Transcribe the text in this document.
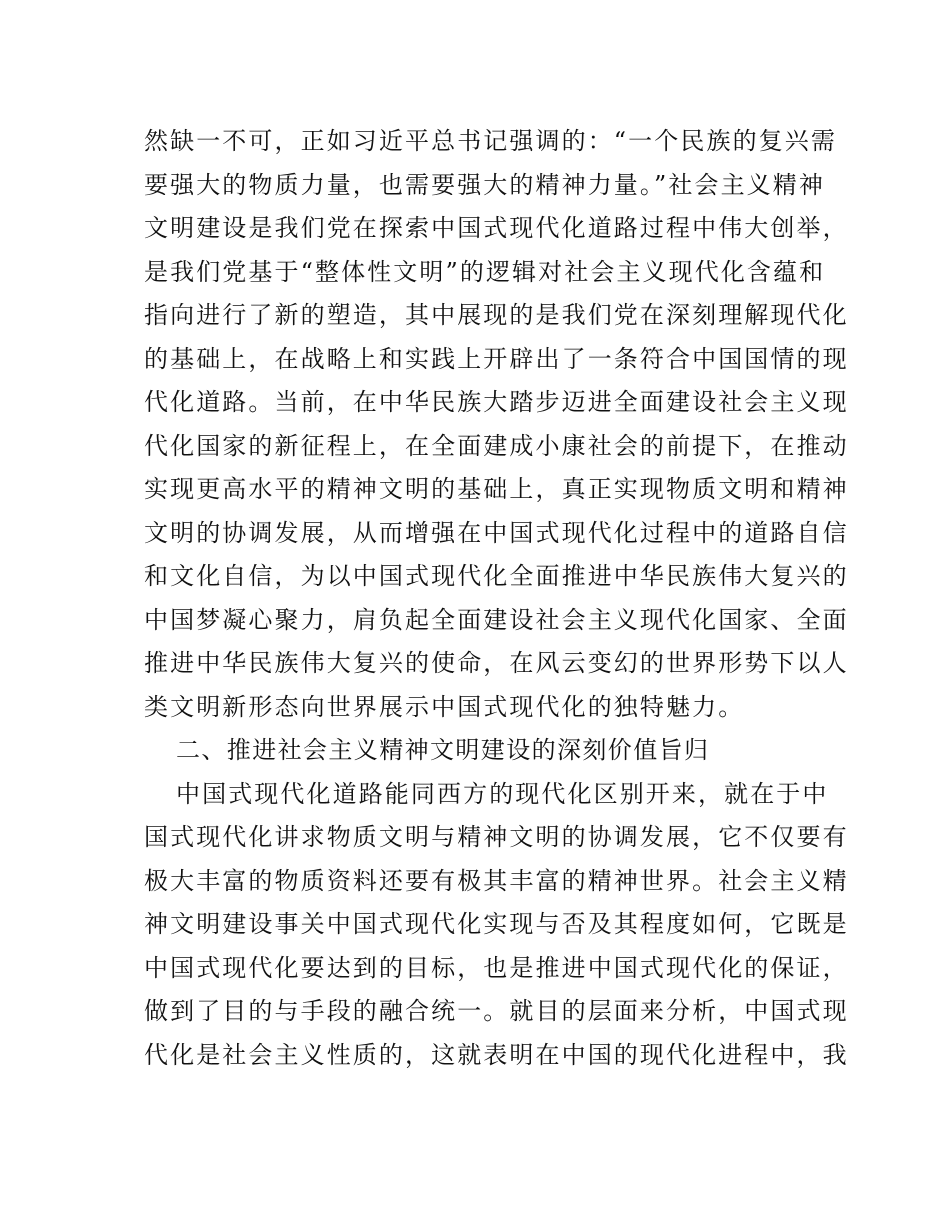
然缺一不可，正如习近平总书记强调的：“一个民族的复兴需
要强大的物质力量，也需要强大的精神力量。”社会主义精神
文明建设是我们党在探索中国式现代化道路过程中伟大创举，
是我们党基于“整体性文明”的逻辑对社会主义现代化含蕴和
指向进行了新的塑造，其中展现的是我们党在深刻理解现代化
的基础上，在战略上和实践上开辟出了一条符合中国国情的现
代化道路。当前，在中华民族大踏步迈进全面建设社会主义现
代化国家的新征程上，在全面建成小康社会的前提下，在推动
实现更高水平的精神文明的基础上，真正实现物质文明和精神
文明的协调发展，从而增强在中国式现代化过程中的道路自信
和文化自信，为以中国式现代化全面推进中华民族伟大复兴的
中国梦凝心聚力，肩负起全面建设社会主义现代化国家、全面
推进中华民族伟大复兴的使命，在风云变幻的世界形势下以人
类文明新形态向世界展示中国式现代化的独特魅力。
二、推进社会主义精神文明建设的深刻价值旨归
中国式现代化道路能同西方的现代化区别开来，就在于中
国式现代化讲求物质文明与精神文明的协调发展，它不仅要有
极大丰富的物质资料还要有极其丰富的精神世界。社会主义精
神文明建设事关中国式现代化实现与否及其程度如何，它既是
中国式现代化要达到的目标，也是推进中国式现代化的保证，
做到了目的与手段的融合统一。就目的层面来分析，中国式现
代化是社会主义性质的，这就表明在中国的现代化进程中，我
